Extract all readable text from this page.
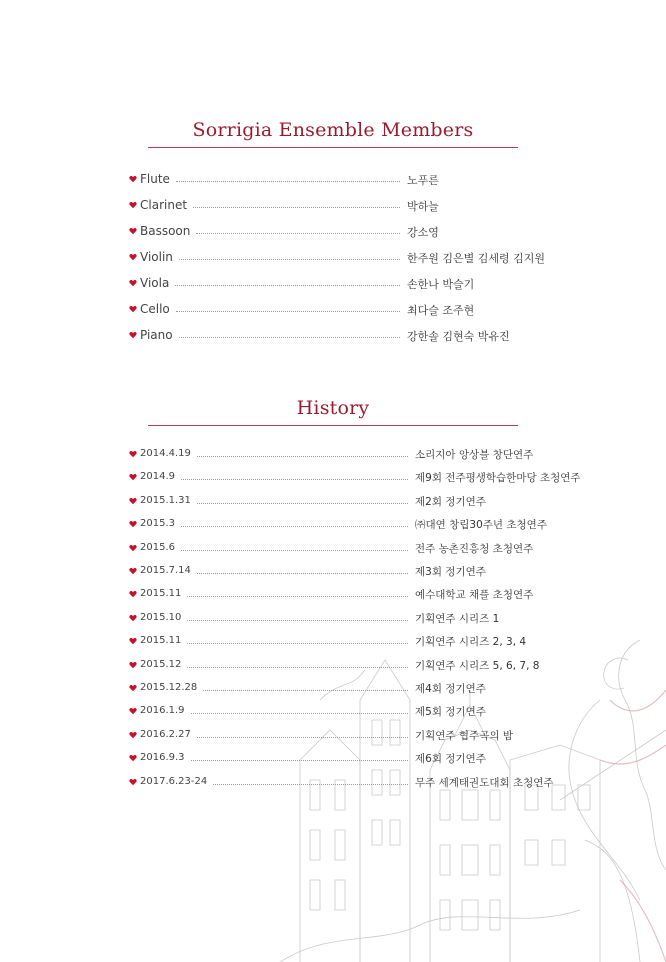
Sorrigia Ensemble Members
Flute	노푸른
Clarinet	박하늘
Bassoon	강소영
Violin	한주원 김은별 김세령 김지원
Viola	손한나 박슬기
Cello	최다슬 조주현
Piano	강한솔 김현숙 박유진
History
2014.4.19	소리지아 앙상블 창단연주
2014.9	제9회 전주평생학습한마당 초청연주
2015.1.31	제2회 정기연주
2015.3	㈜대연 창립30주년 초청연주
2015.6	전주 농촌진흥청 초청연주
2015.7.14	제3회 정기연주
2015.11	예수대학교 채플 초청연주
2015.10	기획연주 시리즈 1
2015.11	기획연주 시리즈 2, 3, 4
2015.12	기획연주 시리즈 5, 6, 7, 8
2015.12.28	제4회 정기연주
2016.1.9	제5회 정기연주
2016.2.27	기획연주 협주곡의 밤
2016.9.3	제6회 정기연주
2017.6.23-24	무주 세계태권도대회 초청연주
